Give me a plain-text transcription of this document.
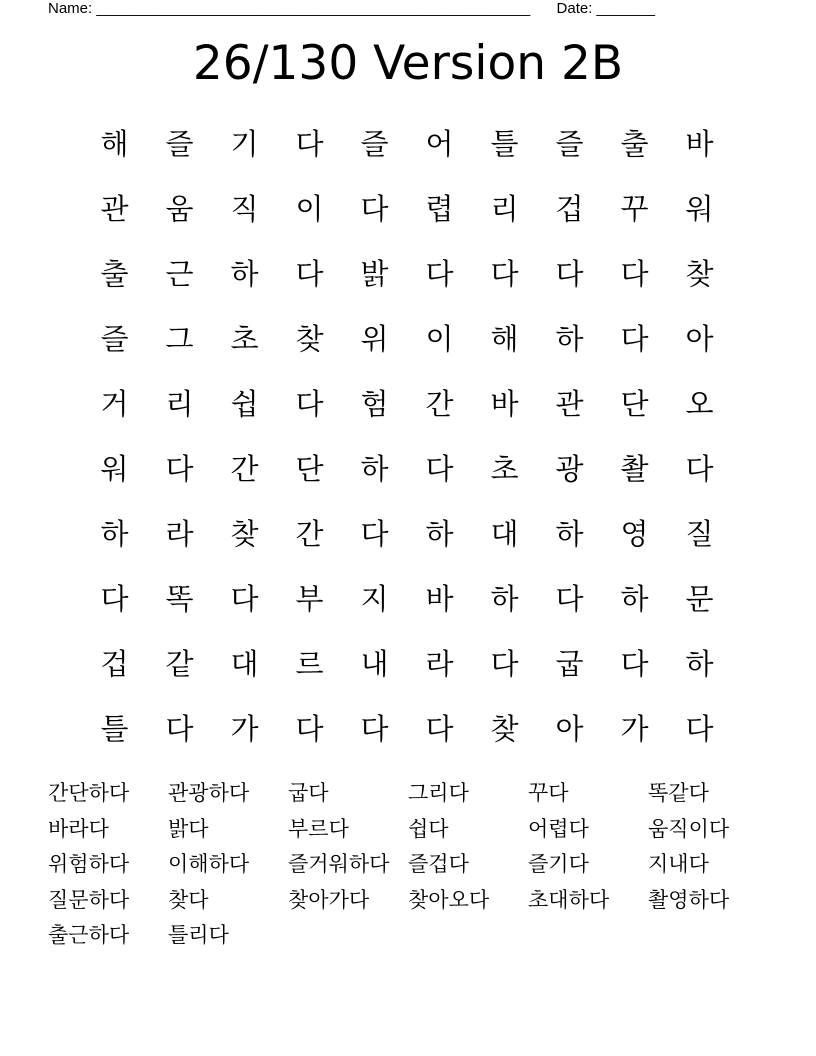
Name: ____________________________________________________ Date: _______
26/130 Version 2B
해	즐	기	다	즐	어	틀	즐	출	바
관	움	직	이	다	렵	리	겁	꾸	워
출	근	하	다	밝	다	다	다	다	찾
즐	그	초	찾	위	이	해	하	다	아
거	리	쉽	다	험	간	바	관	단	오
워	다	간	단	하	다	초	광	촬	다
하	라	찾	간	다	하	대	하	영	질
다	똑	다	부	지	바	하	다	하	문
겁	같	대	르	내	라	다	굽	다	하
틀	다	가	다	다	다	찾	아	가	다
간단하다	관광하다	굽다	그리다	꾸다	똑같다
바라다	밝다	부르다	쉽다	어렵다	움직이다
위험하다	이해하다	즐거워하다 즐겁다	즐기다	지내다
질문하다	찾다	찾아가다	찾아오다	초대하다	촬영하다
출근하다	틀리다
